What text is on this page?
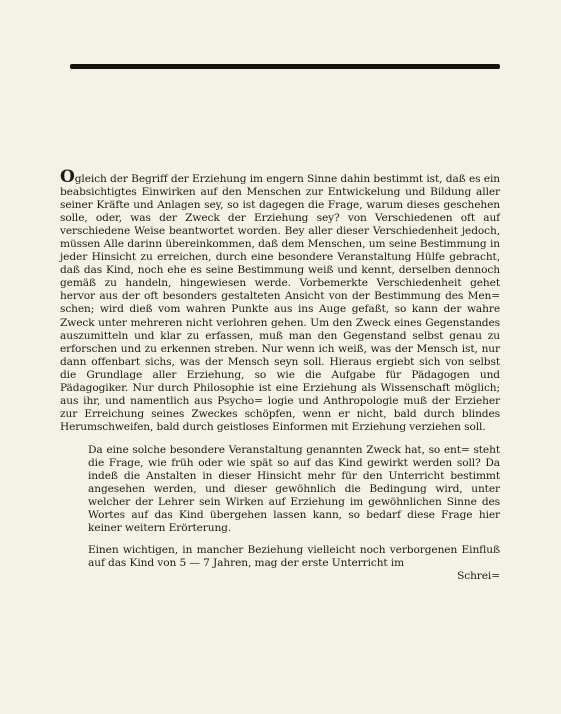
Ogleich der Begriff der Erziehung im engern Sinne dahin bestimmt ist, daß es ein beabsichtigtes Einwirken auf den Menschen zur Entwickelung und Bildung aller seiner Kräfte und Anlagen sey, so ist dagegen die Frage, warum dieses geschehen solle, oder, was der Zweck der Erziehung sey? von Verschiedenen oft auf verschiedene Weise beantwortet worden. Bey aller dieser Verschiedenheit jedoch, müssen Alle darinn übereinkommen, daß dem Menschen, um seine Bestimmung in jeder Hinsicht zu erreichen, durch eine besondere Veranstaltung Hülfe gebracht, daß das Kind, noch ehe es seine Bestimmung weiß und kennt, derselben dennoch gemäß zu handeln, hingewiesen werde. Vorbemerkte Verschiedenheit gehet hervor aus der oft besonders gestalteten Ansicht von der Bestimmung des Men= schen; wird dieß vom wahren Punkte aus ins Auge gefaßt, so kann der wahre Zweck unter mehreren nicht verlohren gehen. Um den Zweck eines Gegenstandes auszumitteln und klar zu erfassen, muß man den Gegenstand selbst genau zu erforschen und zu erkennen streben. Nur wenn ich weiß, was der Mensch ist, nur dann offenbart sichs, was der Mensch seyn soll. Hieraus ergiebt sich von selbst die Grundlage aller Erziehung, so wie die Aufgabe für Pädagogen und Pädagogiker. Nur durch Philosophie ist eine Erziehung als Wissenschaft möglich; aus ihr, und namentlich aus Psycho= logie und Anthropologie muß der Erzieher zur Erreichung seines Zweckes schöpfen, wenn er nicht, bald durch blindes Herumschweifen, bald durch geistloses Einformen mit Erziehung verziehen soll.

Da eine solche besondere Veranstaltung genannten Zweck hat, so ent= steht die Frage, wie früh oder wie spät so auf das Kind gewirkt werden soll? Da indeß die Anstalten in dieser Hinsicht mehr für den Unterricht bestimmt angesehen werden, und dieser gewöhnlich die Bedingung wird, unter welcher der Lehrer sein Wirken auf Erziehung im gewöhnlichen Sinne des Wortes auf das Kind übergehen lassen kann, so bedarf diese Frage hier keiner weitern Erörterung.

Einen wichtigen, in mancher Beziehung vielleicht noch verborgenen Einfluß auf das Kind von 5 — 7 Jahren, mag der erste Unterricht im

Schrei=
